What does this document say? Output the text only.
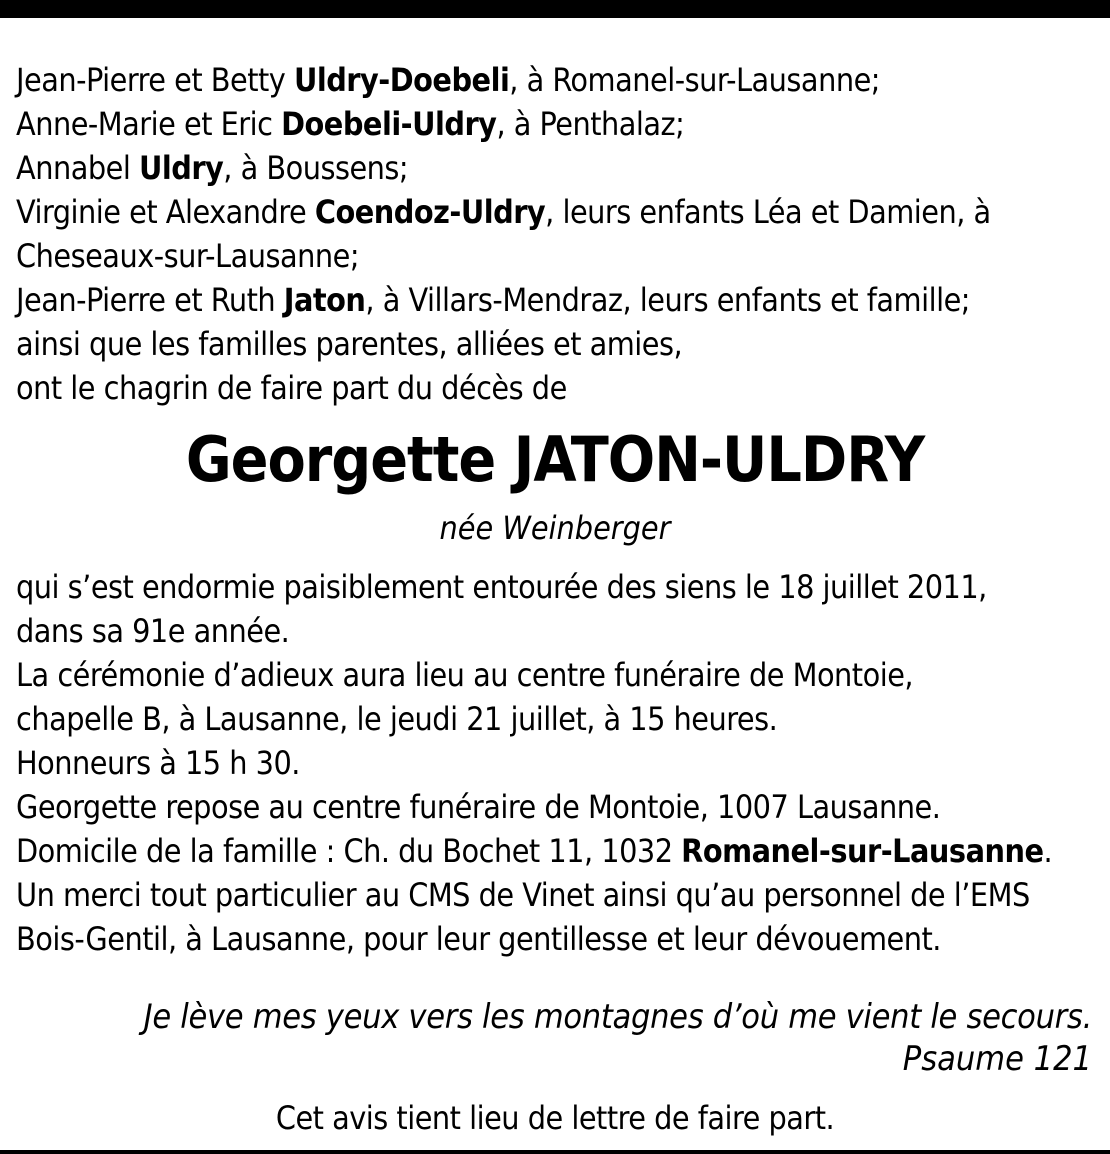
Jean-Pierre et Betty Uldry-Doebeli, à Romanel-sur-Lausanne;
Anne-Marie et Eric Doebeli-Uldry, à Penthalaz;
Annabel Uldry, à Boussens;
Virginie et Alexandre Coendoz-Uldry, leurs enfants Léa et Damien, à
Cheseaux-sur-Lausanne;
Jean-Pierre et Ruth Jaton, à Villars-Mendraz, leurs enfants et famille;
ainsi que les familles parentes, alliées et amies,
ont le chagrin de faire part du décès de
Georgette JATON-ULDRY
née Weinberger
qui s’est endormie paisiblement entourée des siens le 18 juillet 2011,
dans sa 91e année.
La cérémonie d’adieux aura lieu au centre funéraire de Montoie,
chapelle B, à Lausanne, le jeudi 21 juillet, à 15 heures.
Honneurs à 15 h 30.
Georgette repose au centre funéraire de Montoie, 1007 Lausanne.
Domicile de la famille : Ch. du Bochet 11, 1032 Romanel-sur-Lausanne.
Un merci tout particulier au CMS de Vinet ainsi qu’au personnel de l’EMS
Bois-Gentil, à Lausanne, pour leur gentillesse et leur dévouement.
Je lève mes yeux vers les montagnes d’où me vient le secours.
Psaume 121
Cet avis tient lieu de lettre de faire part.
